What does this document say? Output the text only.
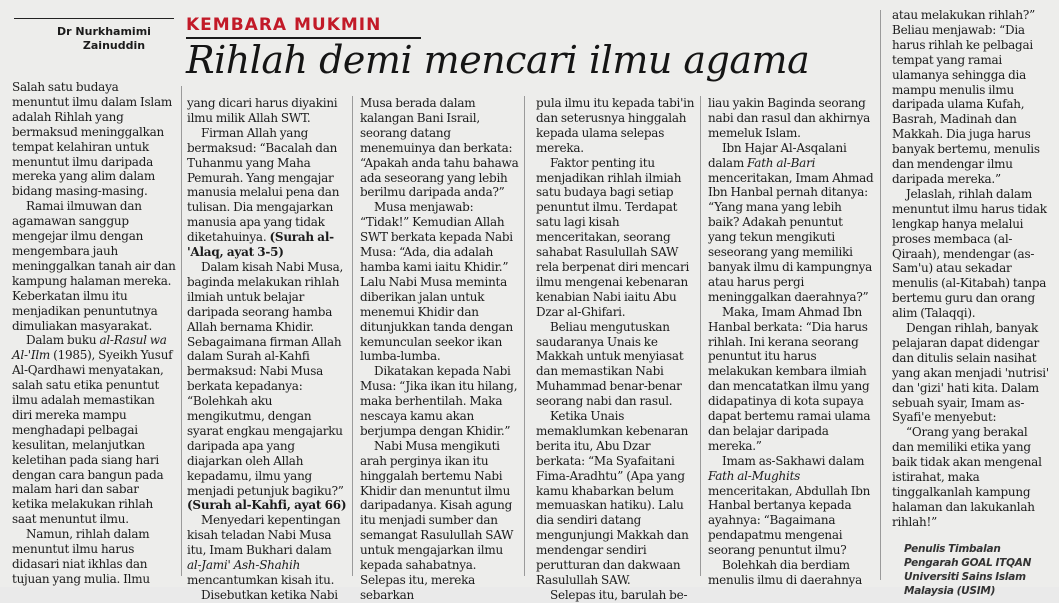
Dr Nurkhamimi
Zainuddin
KEMBARA MUKMIN
Rihlah demi mencari ilmu agama

Salah satu budaya menuntut ilmu dalam Islam adalah Rihlah yang bermaksud meninggalkan tempat kelahiran untuk menuntut ilmu daripada mereka yang alim dalam bidang masing-masing.

Ramai ilmuwan dan agamawan sanggup mengejar ilmu dengan mengembara jauh meninggalkan tanah air dan kampung halaman mereka. Keberkatan ilmu itu menjadikan penuntutnya dimuliakan masyarakat.

Dalam buku al-Rasul wa Al-'Ilm (1985), Syeikh Yusuf Al-Qardhawi menyatakan, salah satu etika penuntut ilmu adalah memastikan diri mereka mampu menghadapi pelbagai kesulitan, melanjutkan keletihan pada siang hari dengan cara bangun pada malam hari dan sabar ketika melakukan rihlah saat menuntut ilmu.

Namun, rihlah dalam menuntut ilmu harus didasari niat ikhlas dan tujuan yang mulia. Ilmu

yang dicari harus diyakini ilmu milik Allah SWT.

Firman Allah yang bermaksud: “Bacalah dan Tuhanmu yang Maha Pemurah. Yang mengajar manusia melalui pena dan tulisan. Dia mengajarkan manusia apa yang tidak diketahuinya. (Surah al-'Alaq, ayat 3-5)

Dalam kisah Nabi Musa, baginda melakukan rihlah ilmiah untuk belajar daripada seorang hamba Allah bernama Khidir. Sebagaimana firman Allah dalam Surah al-Kahfi bermaksud: Nabi Musa berkata kepadanya: “Bolehkah aku mengikutmu, dengan syarat engkau mengajarku daripada apa yang diajarkan oleh Allah kepadamu, ilmu yang menjadi petunjuk bagiku?” (Surah al-Kahfi, ayat 66)

Menyedari kepentingan kisah teladan Nabi Musa itu, Imam Bukhari dalam al-Jami' Ash-Shahih mencantumkan kisah itu.

Disebutkan ketika Nabi

Musa berada dalam kalangan Bani Israil, seorang datang menemuinya dan berkata: “Apakah anda tahu bahawa ada seseorang yang lebih berilmu daripada anda?”

Musa menjawab: “Tidak!” Kemudian Allah SWT berkata kepada Nabi Musa: “Ada, dia adalah hamba kami iaitu Khidir.” Lalu Nabi Musa meminta diberikan jalan untuk menemui Khidir dan ditunjukkan tanda dengan kemunculan seekor ikan lumba-lumba.

Dikatakan kepada Nabi Musa: “Jika ikan itu hilang, maka berhentilah. Maka nescaya kamu akan berjumpa dengan Khidir.”

Nabi Musa mengikuti arah perginya ikan itu hinggalah bertemu Nabi Khidir dan menuntut ilmu daripadanya. Kisah agung itu menjadi sumber dan semangat Rasulullah SAW untuk mengajarkan ilmu kepada sahabatnya. Selepas itu, mereka sebarkan

pula ilmu itu kepada tabi'in dan seterusnya hinggalah kepada ulama selepas mereka.

Faktor penting itu menjadikan rihlah ilmiah satu budaya bagi setiap penuntut ilmu. Terdapat satu lagi kisah menceritakan, seorang sahabat Rasulullah SAW rela berpenat diri mencari ilmu mengenai kebenaran kenabian Nabi iaitu Abu Dzar al-Ghifari.

Beliau mengutuskan saudaranya Unais ke Makkah untuk menyiasat dan memastikan Nabi Muhammad benar-benar seorang nabi dan rasul.

Ketika Unais memaklumkan kebenaran berita itu, Abu Dzar berkata: “Ma Syafaitani Fima-Aradhtu” (Apa yang kamu khabarkan belum memuaskan hatiku). Lalu dia sendiri datang mengunjungi Makkah dan mendengar sendiri perutturan dan dakwaan Rasulullah SAW.

Selepas itu, barulah be-

liau yakin Baginda seorang nabi dan rasul dan akhirnya memeluk Islam.

Ibn Hajar Al-Asqalani dalam Fath al-Bari menceritakan, Imam Ahmad Ibn Hanbal pernah ditanya: “Yang mana yang lebih baik? Adakah penuntut yang tekun mengikuti seseorang yang memiliki banyak ilmu di kampungnya atau harus pergi meninggalkan daerahnya?”

Maka, Imam Ahmad Ibn Hanbal berkata: “Dia harus rihlah. Ini kerana seorang penuntut itu harus melakukan kembara ilmiah dan mencatatkan ilmu yang didapatinya di kota supaya dapat bertemu ramai ulama dan belajar daripada mereka.”

Imam as-Sakhawi dalam Fath al-Mughits menceritakan, Abdullah Ibn Hanbal bertanya kepada ayahnya: “Bagaimana pendapatmu mengenai seorang penuntut ilmu?

Bolehkah dia berdiam menulis ilmu di daerahnya

atau melakukan rihlah?” Beliau menjawab: “Dia harus rihlah ke pelbagai tempat yang ramai ulamanya sehingga dia mampu menulis ilmu daripada ulama Kufah, Basrah, Madinah dan Makkah. Dia juga harus banyak bertemu, menulis dan mendengar ilmu daripada mereka.”

Jelaslah, rihlah dalam menuntut ilmu harus tidak lengkap hanya melalui proses membaca (al-Qiraah), mendengar (as-Sam'u) atau sekadar menulis (al-Kitabah) tanpa bertemu guru dan orang alim (Talaqqi).

Dengan rihlah, banyak pelajaran dapat didengar dan ditulis selain nasihat yang akan menjadi 'nutrisi' dan 'gizi' hati kita. Dalam sebuah syair, Imam as-Syafi'e menyebut:

“Orang yang berakal dan memiliki etika yang baik tidak akan mengenal istirahat, maka tinggalkanlah kampung halaman dan lakukanlah rihlah!”

Penulis Timbalan Pengarah GOAL ITQAN Universiti Sains Islam Malaysia (USIM)
